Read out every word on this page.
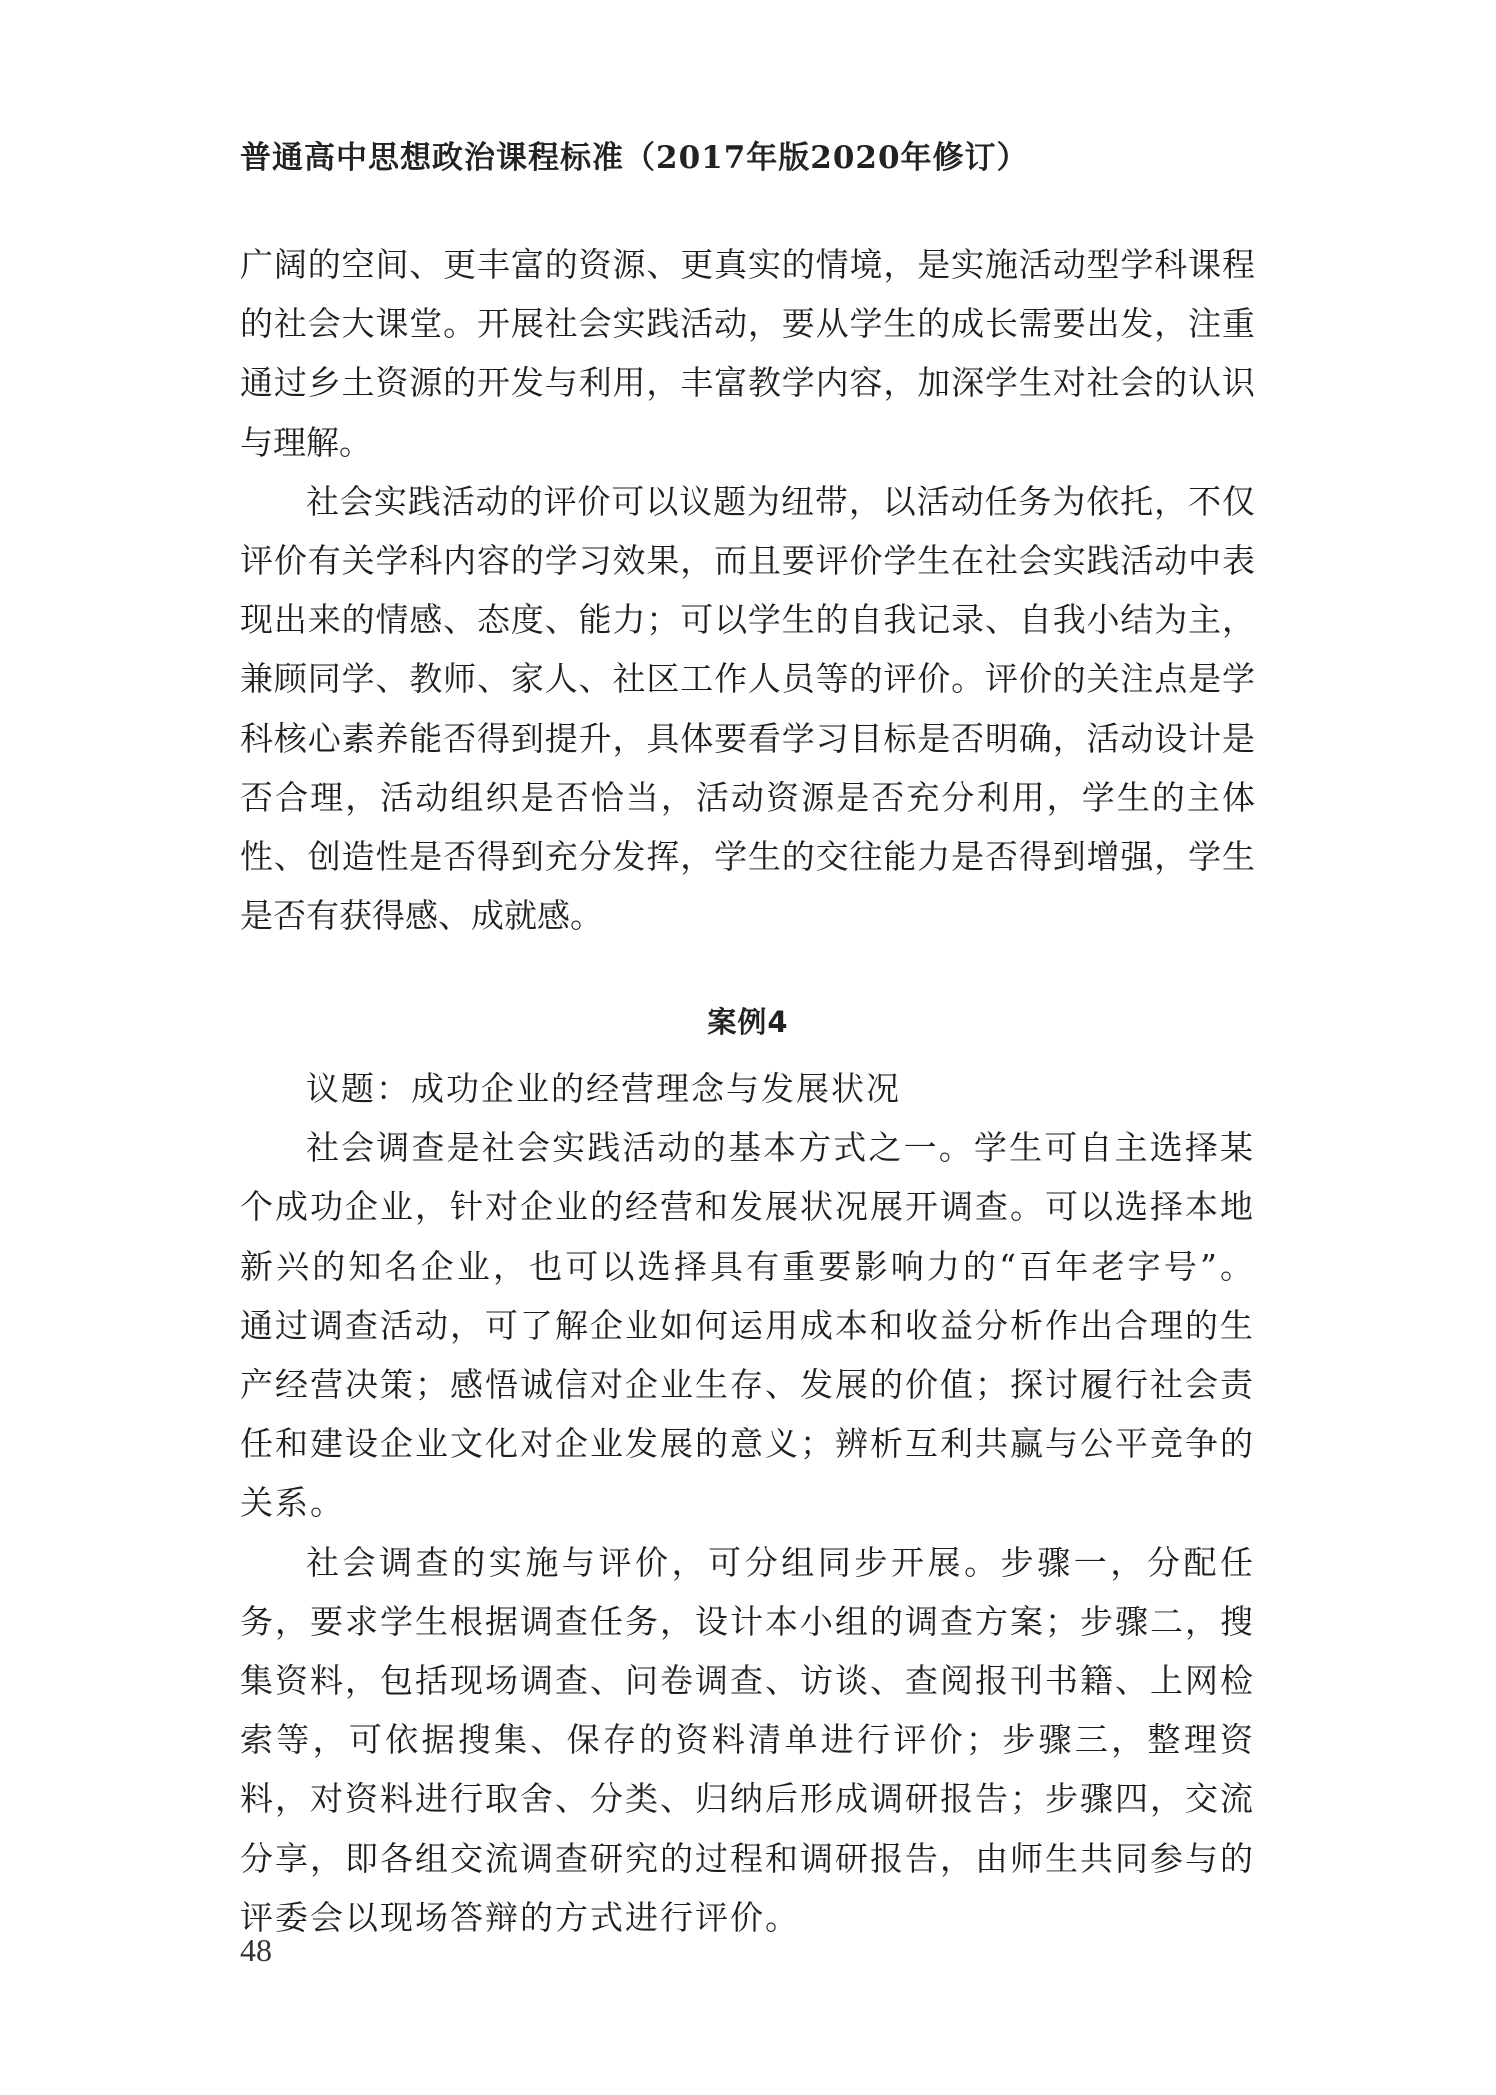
普通高中思想政治课程标准（2017年版2020年修订）

广阔的空间、更丰富的资源、更真实的情境，是实施活动型学科课程的社会大课堂。开展社会实践活动，要从学生的成长需要出发，注重通过乡土资源的开发与利用，丰富教学内容，加深学生对社会的认识与理解。

社会实践活动的评价可以议题为纽带，以活动任务为依托，不仅评价有关学科内容的学习效果，而且要评价学生在社会实践活动中表现出来的情感、态度、能力；可以学生的自我记录、自我小结为主，兼顾同学、教师、家人、社区工作人员等的评价。评价的关注点是学科核心素养能否得到提升，具体要看学习目标是否明确，活动设计是否合理，活动组织是否恰当，活动资源是否充分利用，学生的主体性、创造性是否得到充分发挥，学生的交往能力是否得到增强，学生是否有获得感、成就感。

案例4

议题：成功企业的经营理念与发展状况

社会调查是社会实践活动的基本方式之一。学生可自主选择某个成功企业，针对企业的经营和发展状况展开调查。可以选择本地新兴的知名企业，也可以选择具有重要影响力的“百年老字号”。通过调查活动，可了解企业如何运用成本和收益分析作出合理的生产经营决策；感悟诚信对企业生存、发展的价值；探讨履行社会责任和建设企业文化对企业发展的意义；辨析互利共赢与公平竞争的关系。

社会调查的实施与评价，可分组同步开展。步骤一，分配任务，要求学生根据调查任务，设计本小组的调查方案；步骤二，搜集资料，包括现场调查、问卷调查、访谈、查阅报刊书籍、上网检索等，可依据搜集、保存的资料清单进行评价；步骤三，整理资料，对资料进行取舍、分类、归纳后形成调研报告；步骤四，交流分享，即各组交流调查研究的过程和调研报告，由师生共同参与的评委会以现场答辩的方式进行评价。

48
